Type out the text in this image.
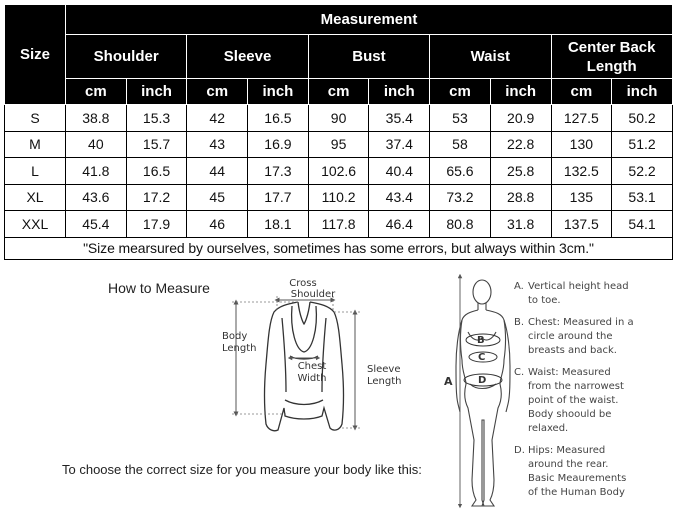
Size	Measurement									
	Shoulder		Sleeve		Bust		Waist		Center Back Length	
	cm	inch	cm	inch	cm	inch	cm	inch	cm	inch
S	38.8	15.3	42	16.5	90	35.4	53	20.9	127.5	50.2
M	40	15.7	43	16.9	95	37.4	58	22.8	130	51.2
L	41.8	16.5	44	17.3	102.6	40.4	65.6	25.8	132.5	52.2
XL	43.6	17.2	45	17.7	110.2	43.4	73.2	28.8	135	53.1
XXL	45.4	17.9	46	18.1	117.8	46.4	80.8	31.8	137.5	54.1
"Size mearsured by ourselves, sometimes has some errors, but always within 3cm."										
How to Measure
To choose the correct size for you measure your body like this:
Cross
Shoulder
Body
Length
Chest
Width
Sleeve
Length	A
B
C
D
A. Vertical height head
to toe.
B. Chest: Measured in a
circle around the
breasts and back.
C. Waist: Measured
from the narrowest
point of the waist.
Body shoould be
relaxed.
D. Hips: Measured
around the rear.
Basic Meaurements
of the Human Body
